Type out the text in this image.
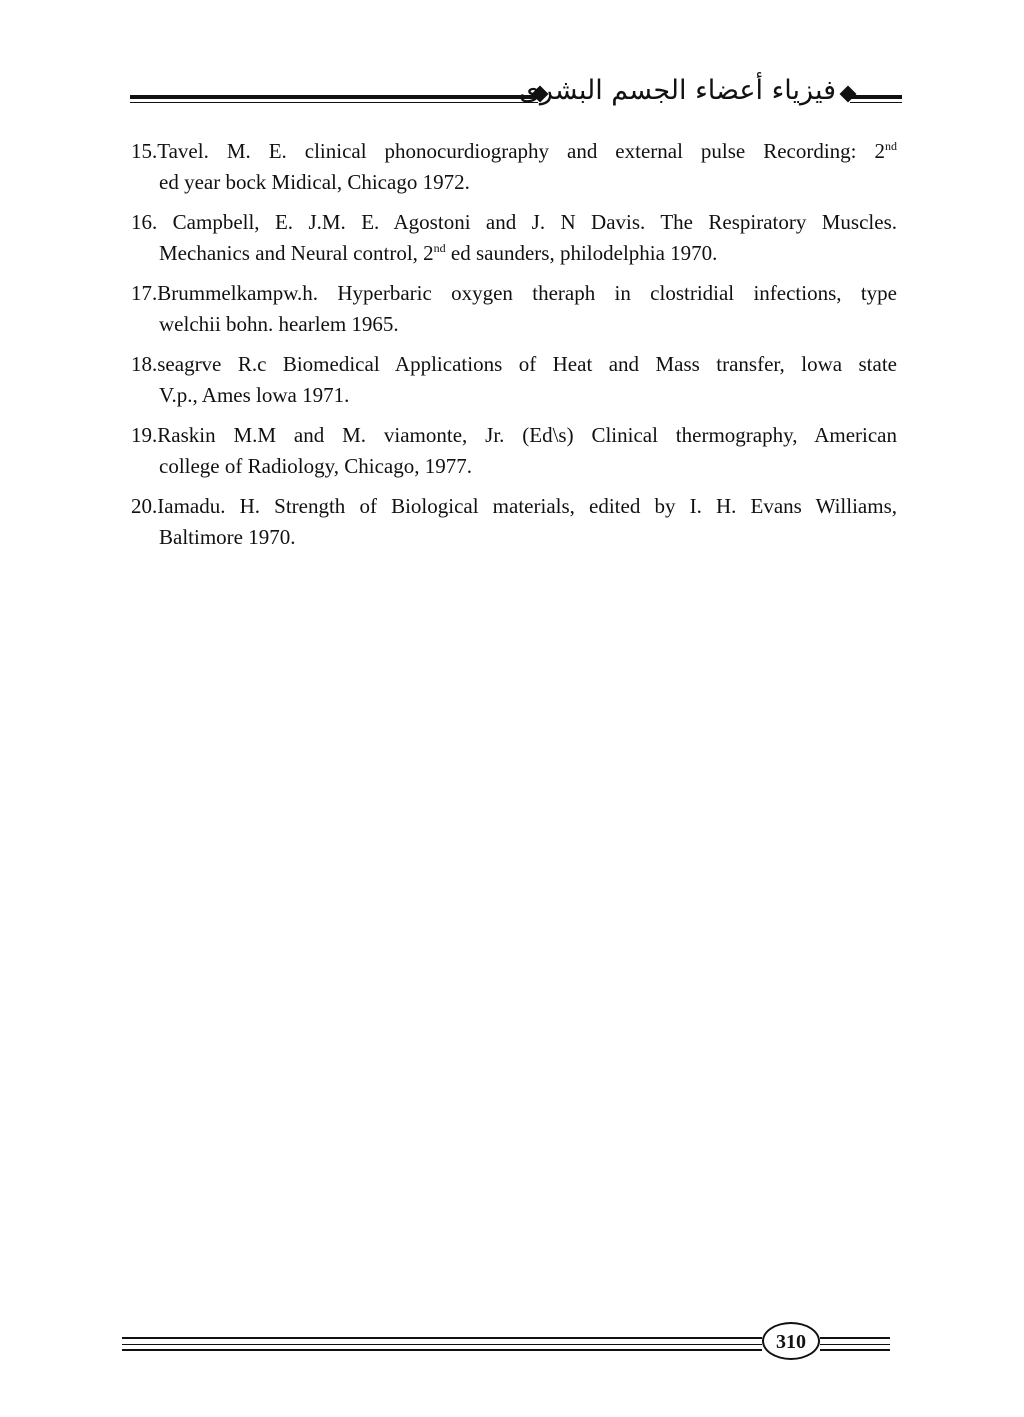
فيزياء أعضاء الجسم البشرى
15.Tavel. M. E. clinical phonocurdiography and external pulse Recording: 2nd
ed year bock Midical, Chicago 1972.
16. Campbell, E. J.M. E. Agostoni and J. N Davis. The Respiratory Muscles.
Mechanics and Neural control, 2nd ed saunders, philodelphia 1970.
17.Brummelkampw.h. Hyperbaric oxygen theraph in clostridial infections, type
welchii bohn. hearlem 1965.
18.seagrve R.c Biomedical Applications of Heat and Mass transfer, lowa state
V.p., Ames lowa 1971.
19.Raskin M.M and M. viamonte, Jr. (Ed\s) Clinical thermography, American
college of Radiology, Chicago, 1977.
20.Iamadu. H. Strength of Biological materials, edited by I. H. Evans Williams,
Baltimore 1970.
310
